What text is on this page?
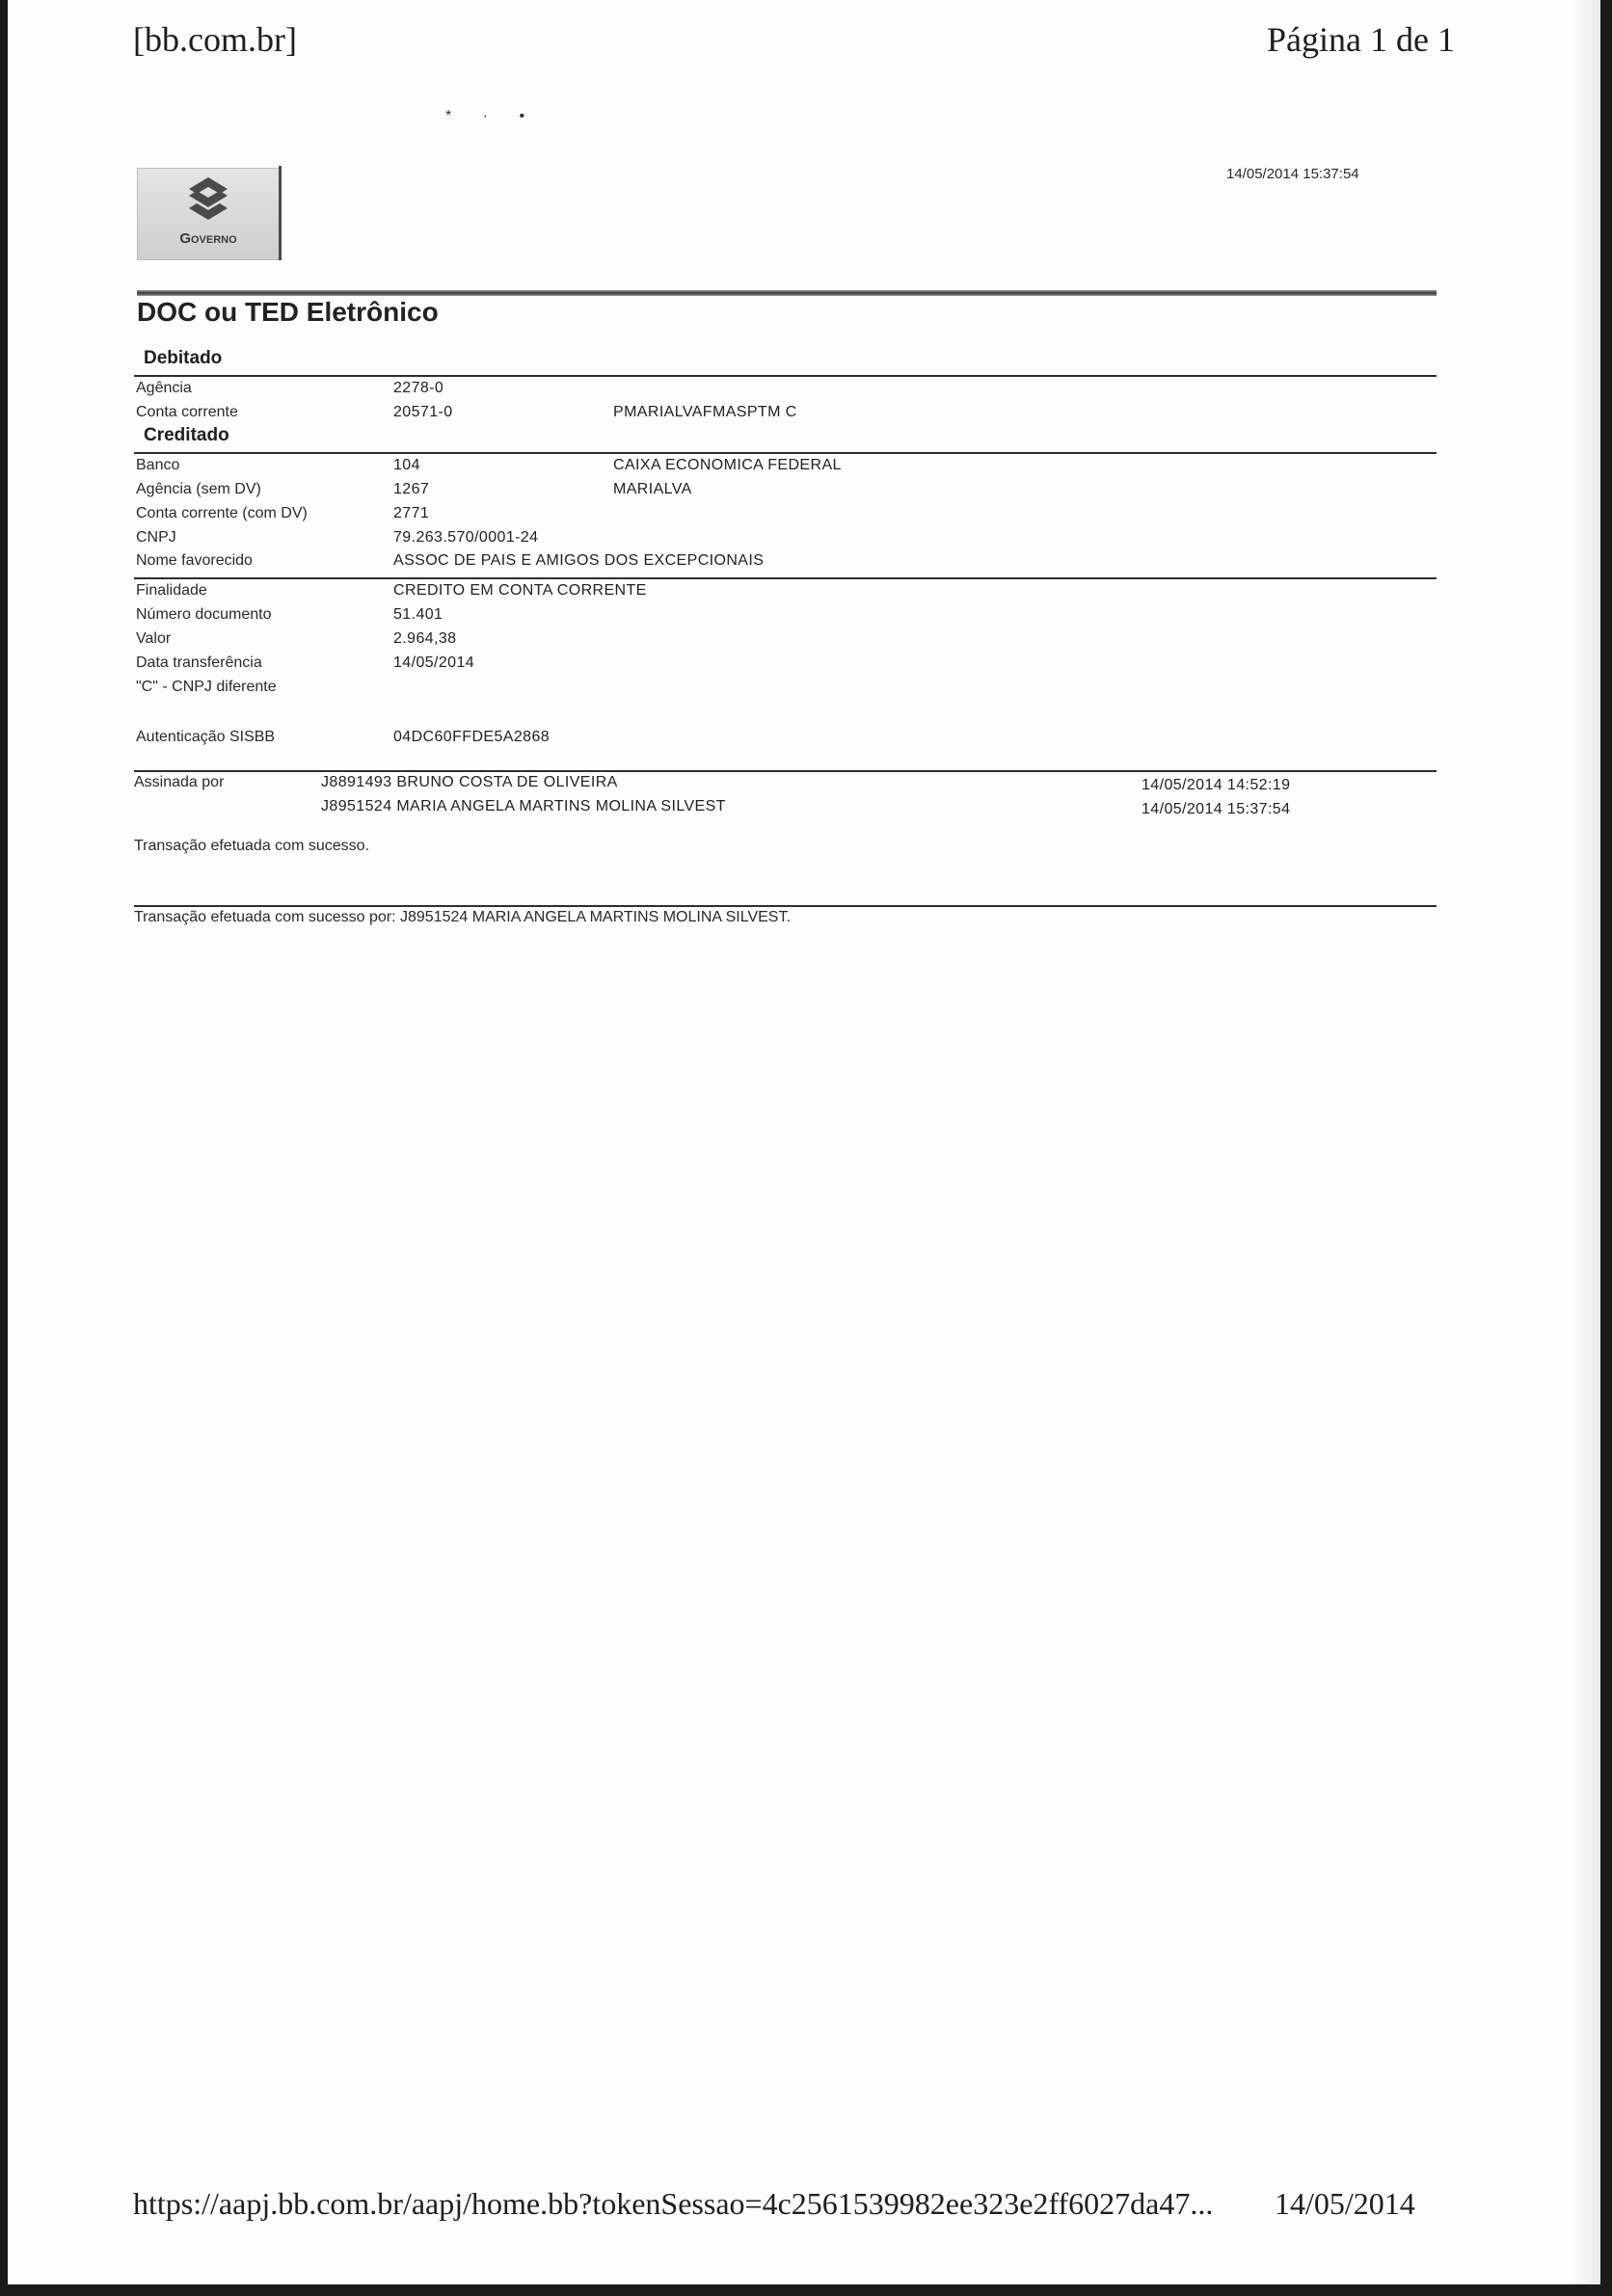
[bb.com.br]	Página 1 de 1
* · •
14/05/2014 15:37:54
Governo
DOC ou TED Eletrônico
Debitado
Agência	2278-0
Conta corrente	20571-0	PMARIALVAFMASPTM C
Creditado
Banco	104	CAIXA ECONOMICA FEDERAL
Agência (sem DV)	1267	MARIALVA
Conta corrente (com DV)	2771
CNPJ	79.263.570/0001-24
Nome favorecido	ASSOC DE PAIS E AMIGOS DOS EXCEPCIONAIS
Finalidade	CREDITO EM CONTA CORRENTE
Número documento	51.401
Valor	2.964,38
Data transferência	14/05/2014
"C" - CNPJ diferente
Autenticação SISBB	04DC60FFDE5A2868
Assinada por	J8891493 BRUNO COSTA DE OLIVEIRA	14/05/2014 14:52:19
J8951524 MARIA ANGELA MARTINS MOLINA SILVEST	14/05/2014 15:37:54
Transação efetuada com sucesso.
Transação efetuada com sucesso por: J8951524 MARIA ANGELA MARTINS MOLINA SILVEST.
https://aapj.bb.com.br/aapj/home.bb?tokenSessao=4c2561539982ee323e2ff6027da47... 14/05/2014
